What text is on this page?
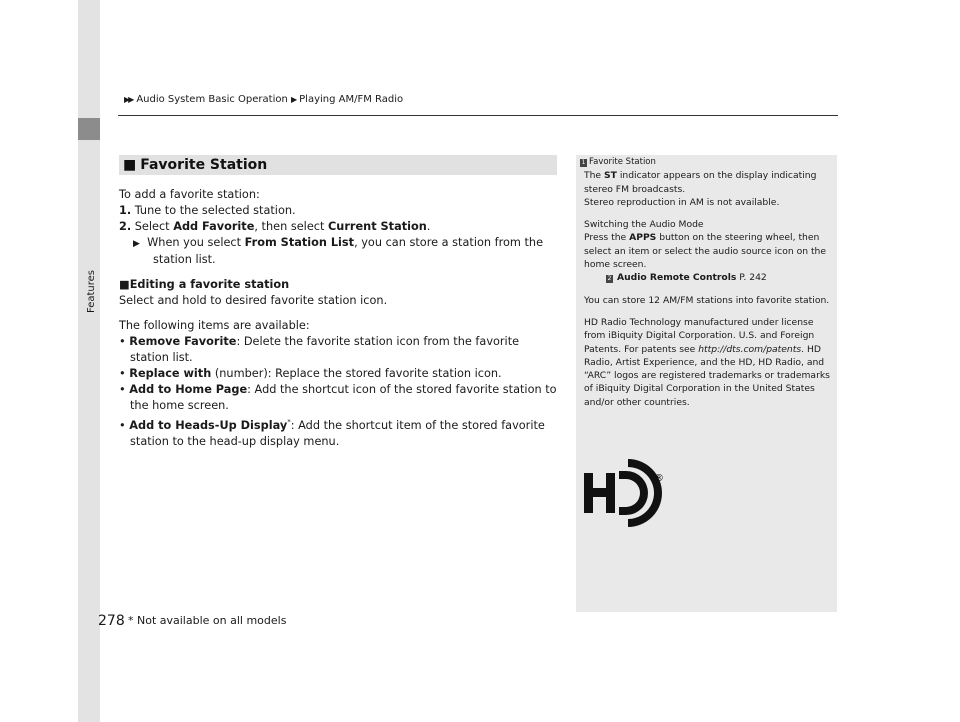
Features
▶▶ Audio System Basic Operation ▶ Playing AM/FM Radio
■ Favorite Station

To add a favorite station:

1. Tune to the selected station.

2. Select Add Favorite, then select Current Station.

▶ When you select From Station List, you can store a station from the station list.

■Editing a favorite station

Select and hold to desired favorite station icon.

The following items are available:

• Remove Favorite: Delete the favorite station icon from the favorite station list.

• Replace with (number): Replace the stored favorite station icon.

• Add to Home Page: Add the shortcut icon of the stored favorite station to the home screen.

• Add to Heads-Up Display*: Add the shortcut item of the stored favorite station to the head-up display menu.

1 Favorite Station

The ST indicator appears on the display indicating stereo FM broadcasts.

Stereo reproduction in AM is not available.

Switching the Audio Mode

Press the APPS button on the steering wheel, then select an item or select the audio source icon on the home screen.

2 Audio Remote Controls P. 242

You can store 12 AM/FM stations into favorite station.

HD Radio Technology manufactured under license from iBiquity Digital Corporation. U.S. and Foreign Patents. For patents see http://dts.com/patents. HD Radio, Artist Experience, and the HD, HD Radio, and “ARC” logos are registered trademarks or trademarks of iBiquity Digital Corporation in the United States and/or other countries.

®
278 * Not available on all models
